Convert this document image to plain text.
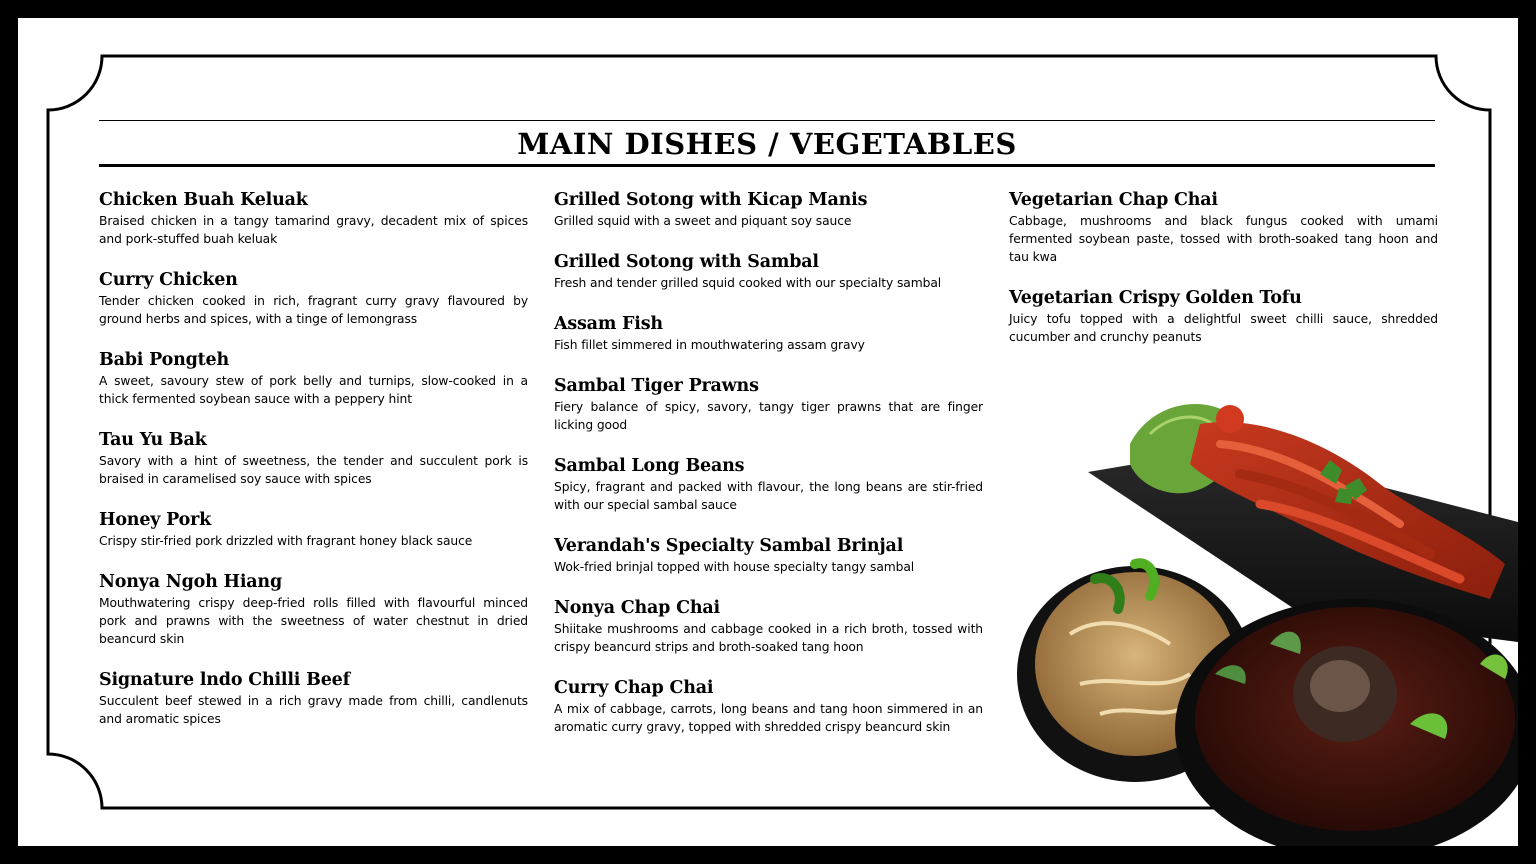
MAIN DISHES / VEGETABLES
Chicken Buah Keluak
Braised chicken in a tangy tamarind gravy, decadent mix of spices and pork-stuffed buah keluak
Curry Chicken
Tender chicken cooked in rich, fragrant curry gravy flavoured by ground herbs and spices, with a tinge of lemongrass
Babi Pongteh
A sweet, savoury stew of pork belly and turnips, slow-cooked in a thick fermented soybean sauce with a peppery hint
Tau Yu Bak
Savory with a hint of sweetness, the tender and succulent pork is braised in caramelised soy sauce with spices
Honey Pork
Crispy stir-fried pork drizzled with fragrant honey black sauce
Nonya Ngoh Hiang
Mouthwatering crispy deep-fried rolls filled with flavourful minced pork and prawns with the sweetness of water chestnut in dried beancurd skin
Signature lndo Chilli Beef
Succulent beef stewed in a rich gravy made from chilli, candlenuts and aromatic spices
Grilled Sotong with Kicap Manis
Grilled squid with a sweet and piquant soy sauce
Grilled Sotong with Sambal
Fresh and tender grilled squid cooked with our specialty sambal
Assam Fish
Fish fillet simmered in mouthwatering assam gravy
Sambal Tiger Prawns
Fiery balance of spicy, savory, tangy tiger prawns that are finger licking good
Sambal Long Beans
Spicy, fragrant and packed with flavour, the long beans are stir-fried with our special sambal sauce
Verandah's Specialty Sambal Brinjal
Wok-fried brinjal topped with house specialty tangy sambal
Nonya Chap Chai
Shiitake mushrooms and cabbage cooked in a rich broth, tossed with crispy beancurd strips and broth-soaked tang hoon
Curry Chap Chai
A mix of cabbage, carrots, long beans and tang hoon simmered in an aromatic curry gravy, topped with shredded crispy beancurd skin
Vegetarian Chap Chai
Cabbage, mushrooms and black fungus cooked with umami fermented soybean paste, tossed with broth-soaked tang hoon and tau kwa
Vegetarian Crispy Golden Tofu
Juicy tofu topped with a delightful sweet chilli sauce, shredded cucumber and crunchy peanuts
